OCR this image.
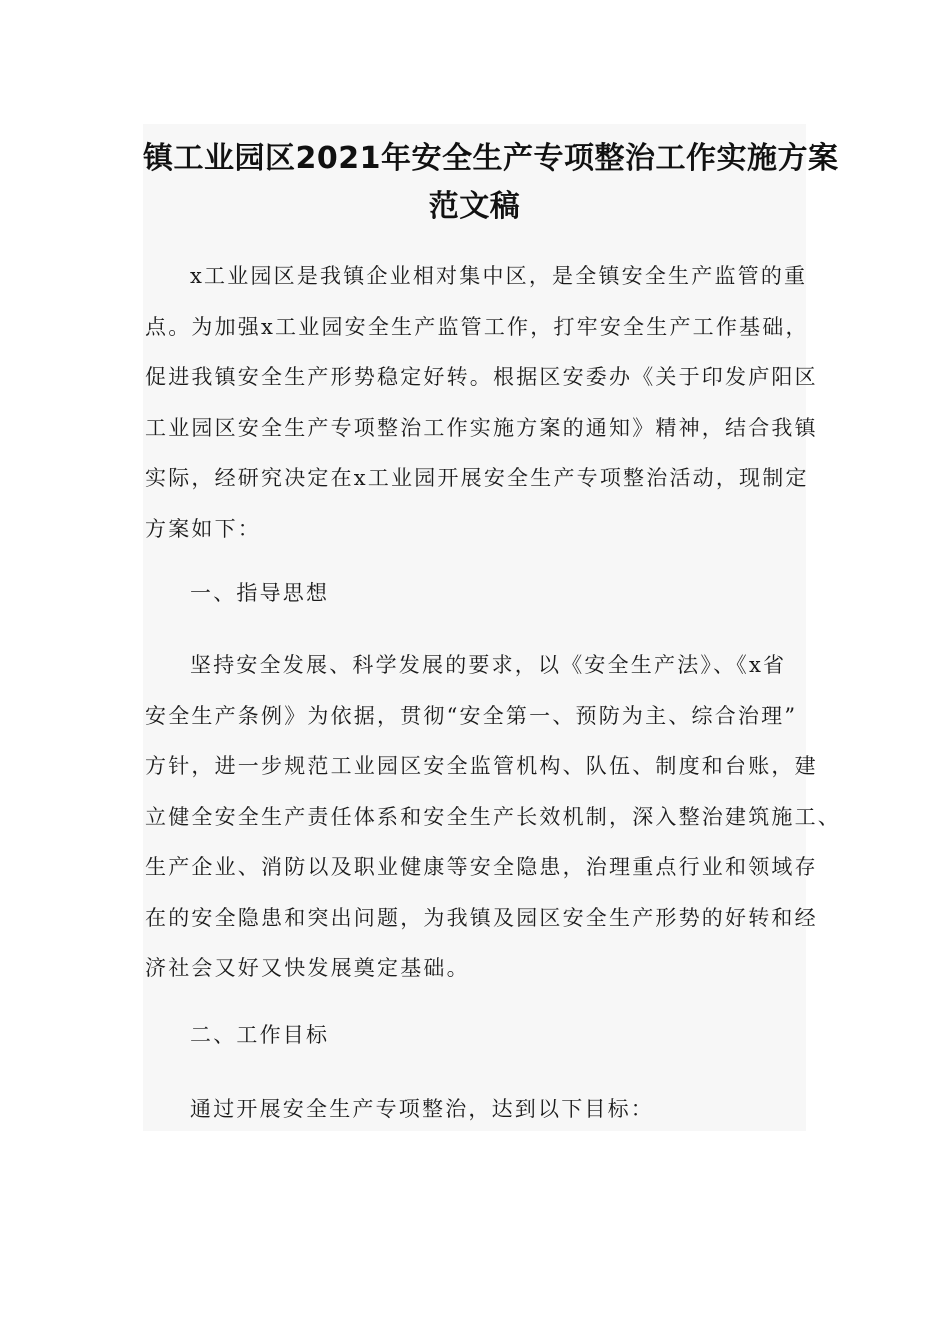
镇工业园区2021年安全生产专项整治工作实施方案
范文稿
x工业园区是我镇企业相对集中区，是全镇安全生产监管的重
点。为加强x工业园安全生产监管工作，打牢安全生产工作基础，
促进我镇安全生产形势稳定好转。根据区安委办《关于印发庐阳区
工业园区安全生产专项整治工作实施方案的通知》精神，结合我镇
实际，经研究决定在x工业园开展安全生产专项整治活动，现制定
方案如下：
一、指导思想
坚持安全发展、科学发展的要求，以《安全生产法》、《x省
安全生产条例》为依据，贯彻“安全第一、预防为主、综合治理”
方针，进一步规范工业园区安全监管机构、队伍、制度和台账，建
立健全安全生产责任体系和安全生产长效机制，深入整治建筑施工、
生产企业、消防以及职业健康等安全隐患，治理重点行业和领域存
在的安全隐患和突出问题，为我镇及园区安全生产形势的好转和经
济社会又好又快发展奠定基础。
二、工作目标
通过开展安全生产专项整治，达到以下目标：
